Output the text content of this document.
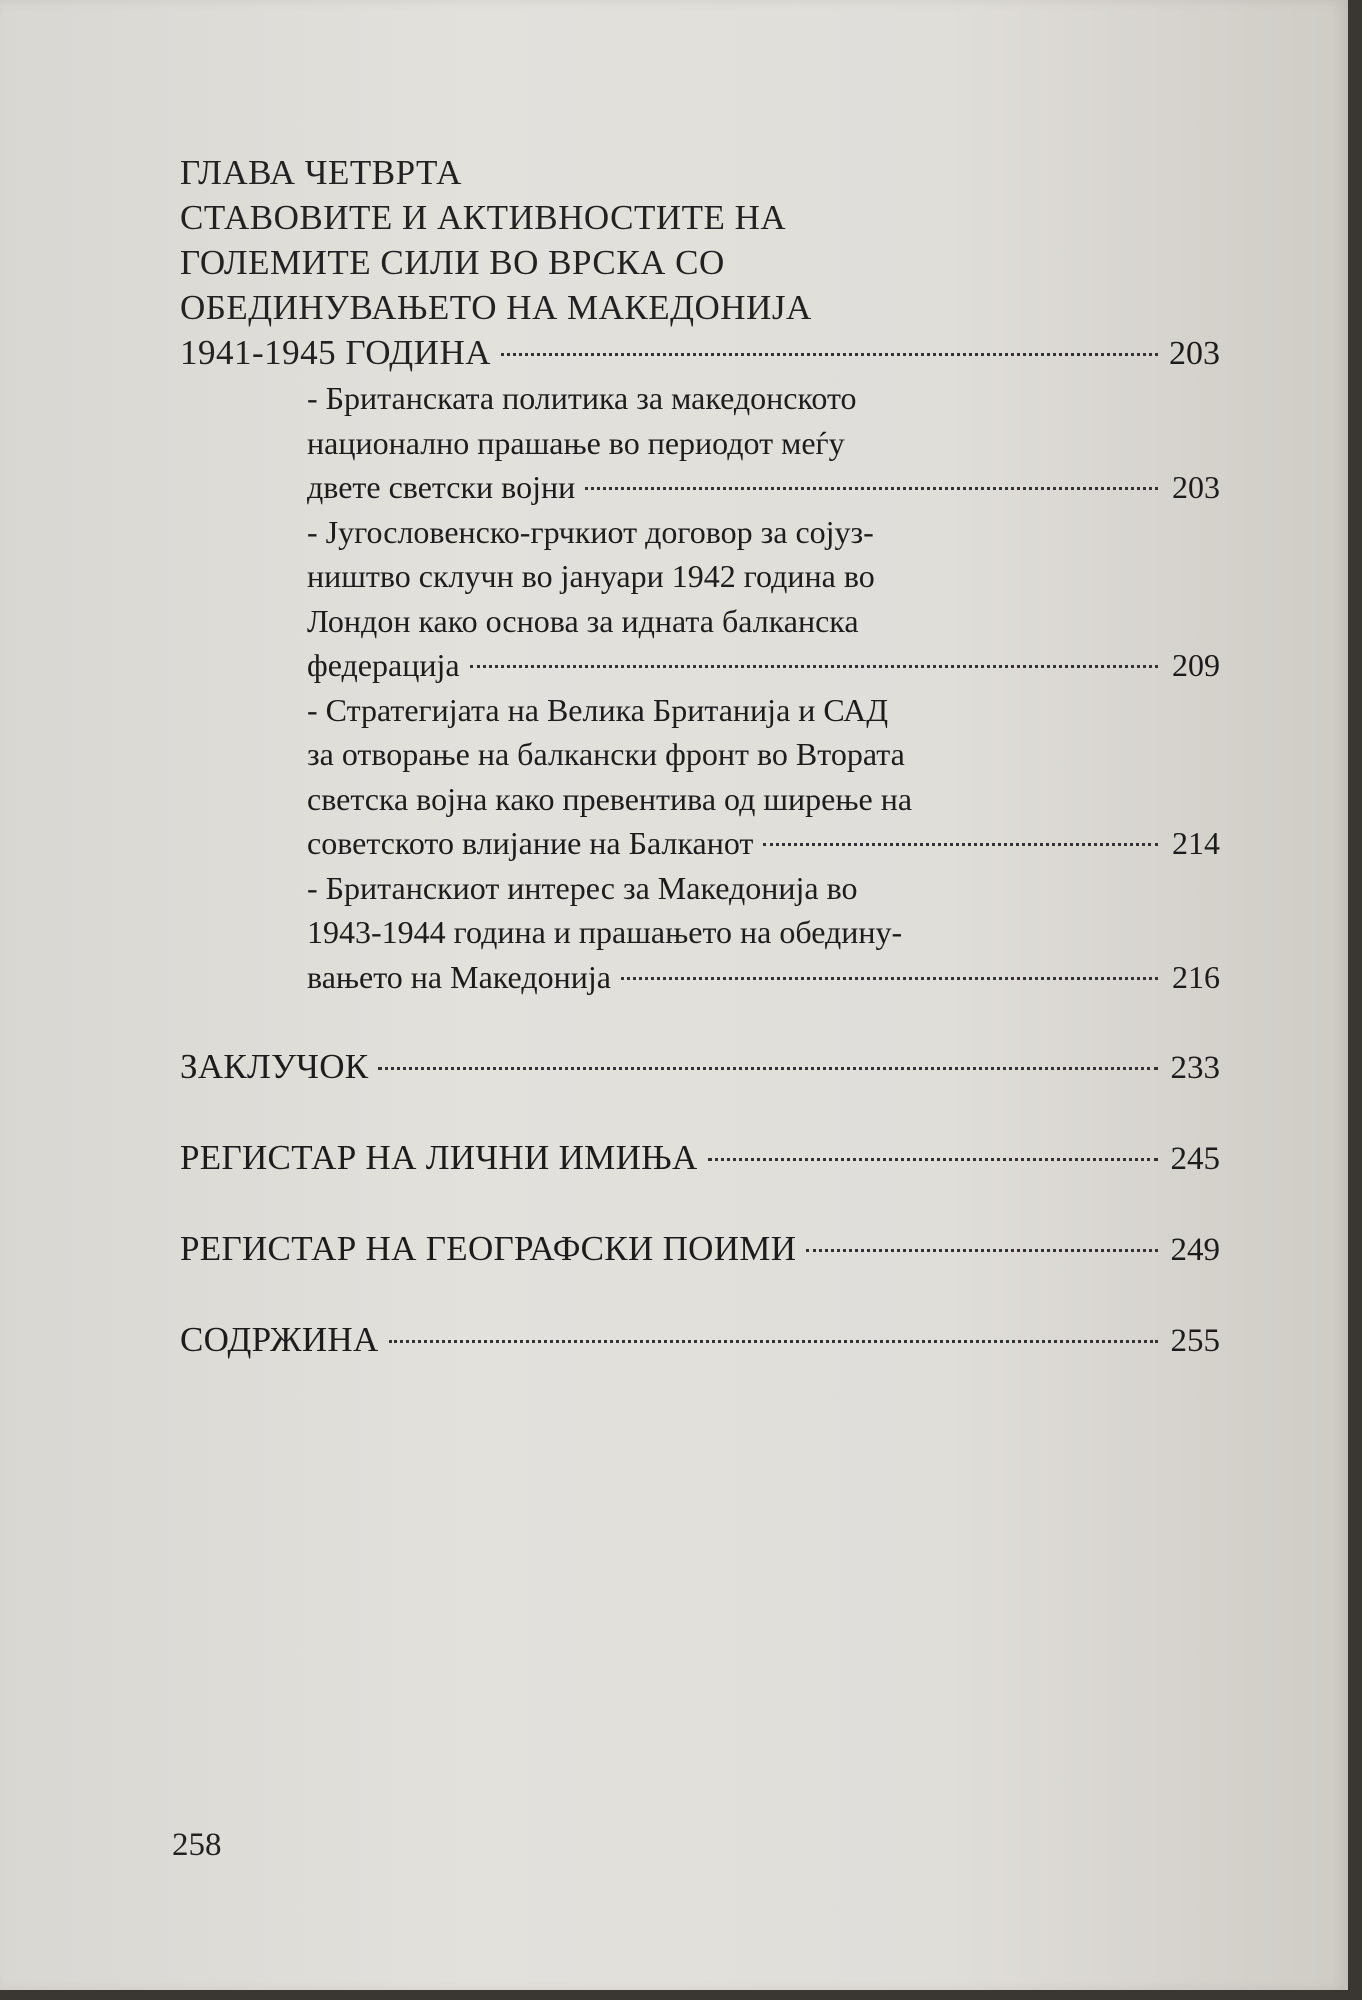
ГЛАВА ЧЕТВРТА
СТАВОВИТЕ И АКТИВНОСТИТЕ НА
ГОЛЕМИТЕ СИЛИ ВО ВРСКА СО
ОБЕДИНУВАЊЕТО НА МАКЕДОНИЈА
1941-1945 ГОДИНА	203
- Британската политика за македонското
национално прашање во периодот меѓу
двете светски војни	203
- Југословенско-грчкиот договор за сојуз-
ништво склучн во јануари 1942 година во
Лондон како основа за идната балканска
федерација	209
- Стратегијата на Велика Британија и САД
за отворање на балкански фронт во Втората
светска војна како превентива од ширење на
советското влијание на Балканот	214
- Британскиот интерес за Македонија во
1943-1944 година и прашањето на обедину-
вањето на Македонија	216
ЗАКЛУЧОК	233
РЕГИСТАР НА ЛИЧНИ ИМИЊА	245
РЕГИСТАР НА ГЕОГРАФСКИ ПОИМИ	249
СОДРЖИНА	255
258
